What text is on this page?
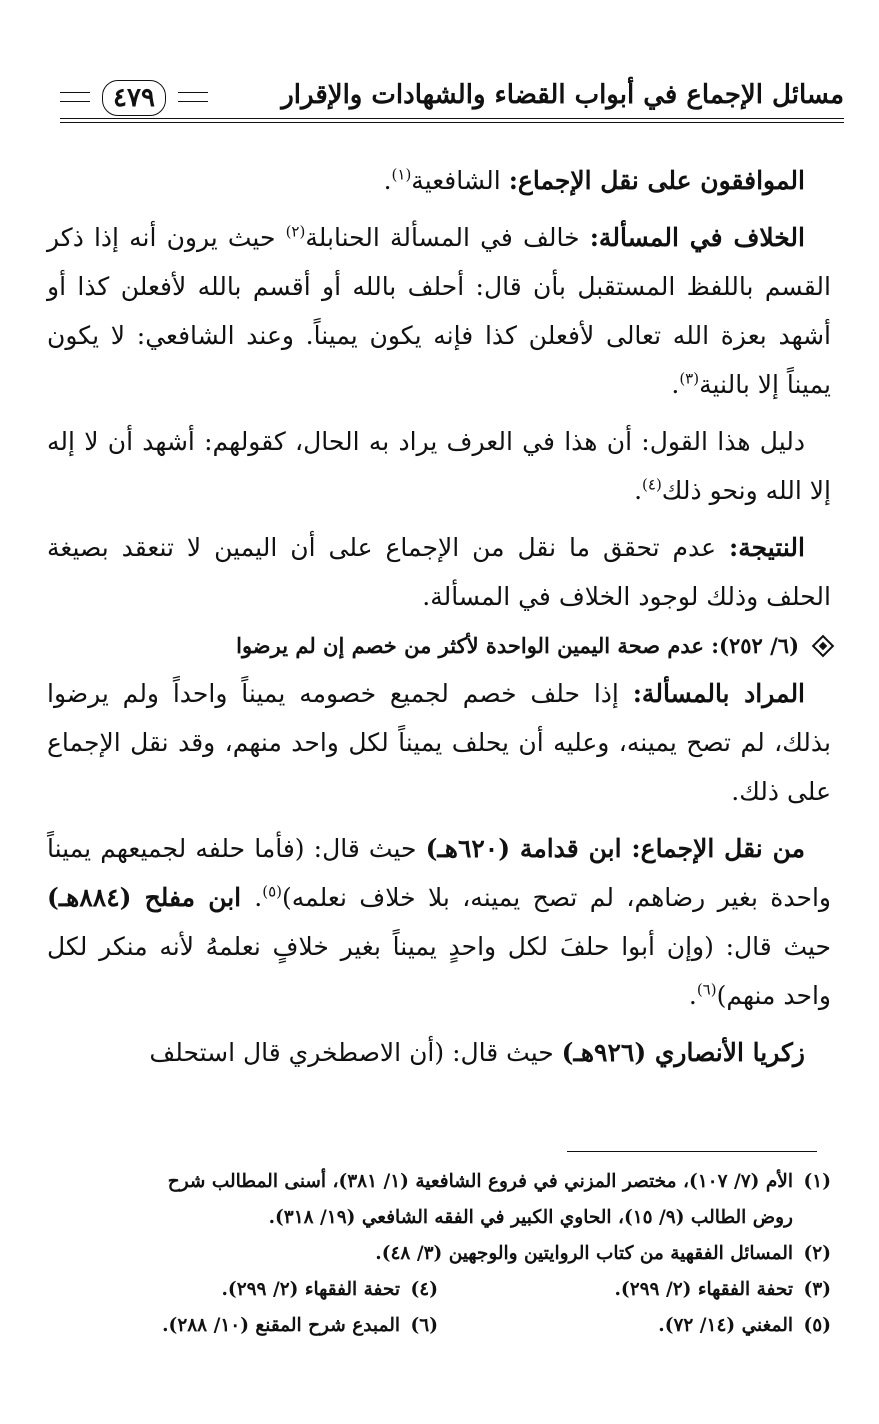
مسائل الإجماع في أبواب القضاء والشهادات والإقرار
٤٧٩

الموافقون على نقل الإجماع: الشافعية$^{(١)}$.

الخلاف في المسألة: خالف في المسألة الحنابلة$^{(٢)}$ حيث يرون أنه إذا ذكر القسم باللفظ المستقبل بأن قال: أحلف بالله أو أقسم بالله لأفعلن كذا أو أشهد بعزة الله تعالى لأفعلن كذا فإنه يكون يميناً. وعند الشافعي: لا يكون يميناً إلا بالنية$^{(٣)}$.

دليل هذا القول: أن هذا في العرف يراد به الحال، كقولهم: أشهد أن لا إله إلا الله ونحو ذلك$^{(٤)}$.

النتيجة: عدم تحقق ما نقل من الإجماع على أن اليمين لا تنعقد بصيغة الحلف وذلك لوجود الخلاف في المسألة.

(٦/ ٢٥٢): عدم صحة اليمين الواحدة لأكثر من خصم إن لم يرضوا

المراد بالمسألة: إذا حلف خصم لجميع خصومه يميناً واحداً ولم يرضوا بذلك، لم تصح يمينه، وعليه أن يحلف يميناً لكل واحد منهم، وقد نقل الإجماع على ذلك.

من نقل الإجماع: ابن قدامة (٦٢٠هـ) حيث قال: (فأما حلفه لجميعهم يميناً واحدة بغير رضاهم، لم تصح يمينه، بلا خلاف نعلمه)$^{(٥)}$. ابن مفلح (٨٨٤هـ) حيث قال: (وإن أبوا حلفَ لكل واحدٍ يميناً بغير خلافٍ نعلمهُ لأنه منكر لكل واحد منهم)$^{(٦)}$.

زكريا الأنصاري (٩٢٦هـ) حيث قال: (أن الاصطخري قال استحلف

(١)الأم (٧/ ١٠٧)، مختصر المزني في فروع الشافعية (١/ ٣٨١)، أسنى المطالب شرح

روض الطالب (٩/ ١٥)، الحاوي الكبير في الفقه الشافعي (١٩/ ٣١٨).

(٢)المسائل الفقهية من كتاب الروايتين والوجهين (٣/ ٤٨).

(٣)تحفة الفقهاء (٢/ ٢٩٩).

(٤)تحفة الفقهاء (٢/ ٢٩٩).

(٥)المغني (١٤/ ٧٢).

(٦)المبدع شرح المقنع (١٠/ ٢٨٨).
